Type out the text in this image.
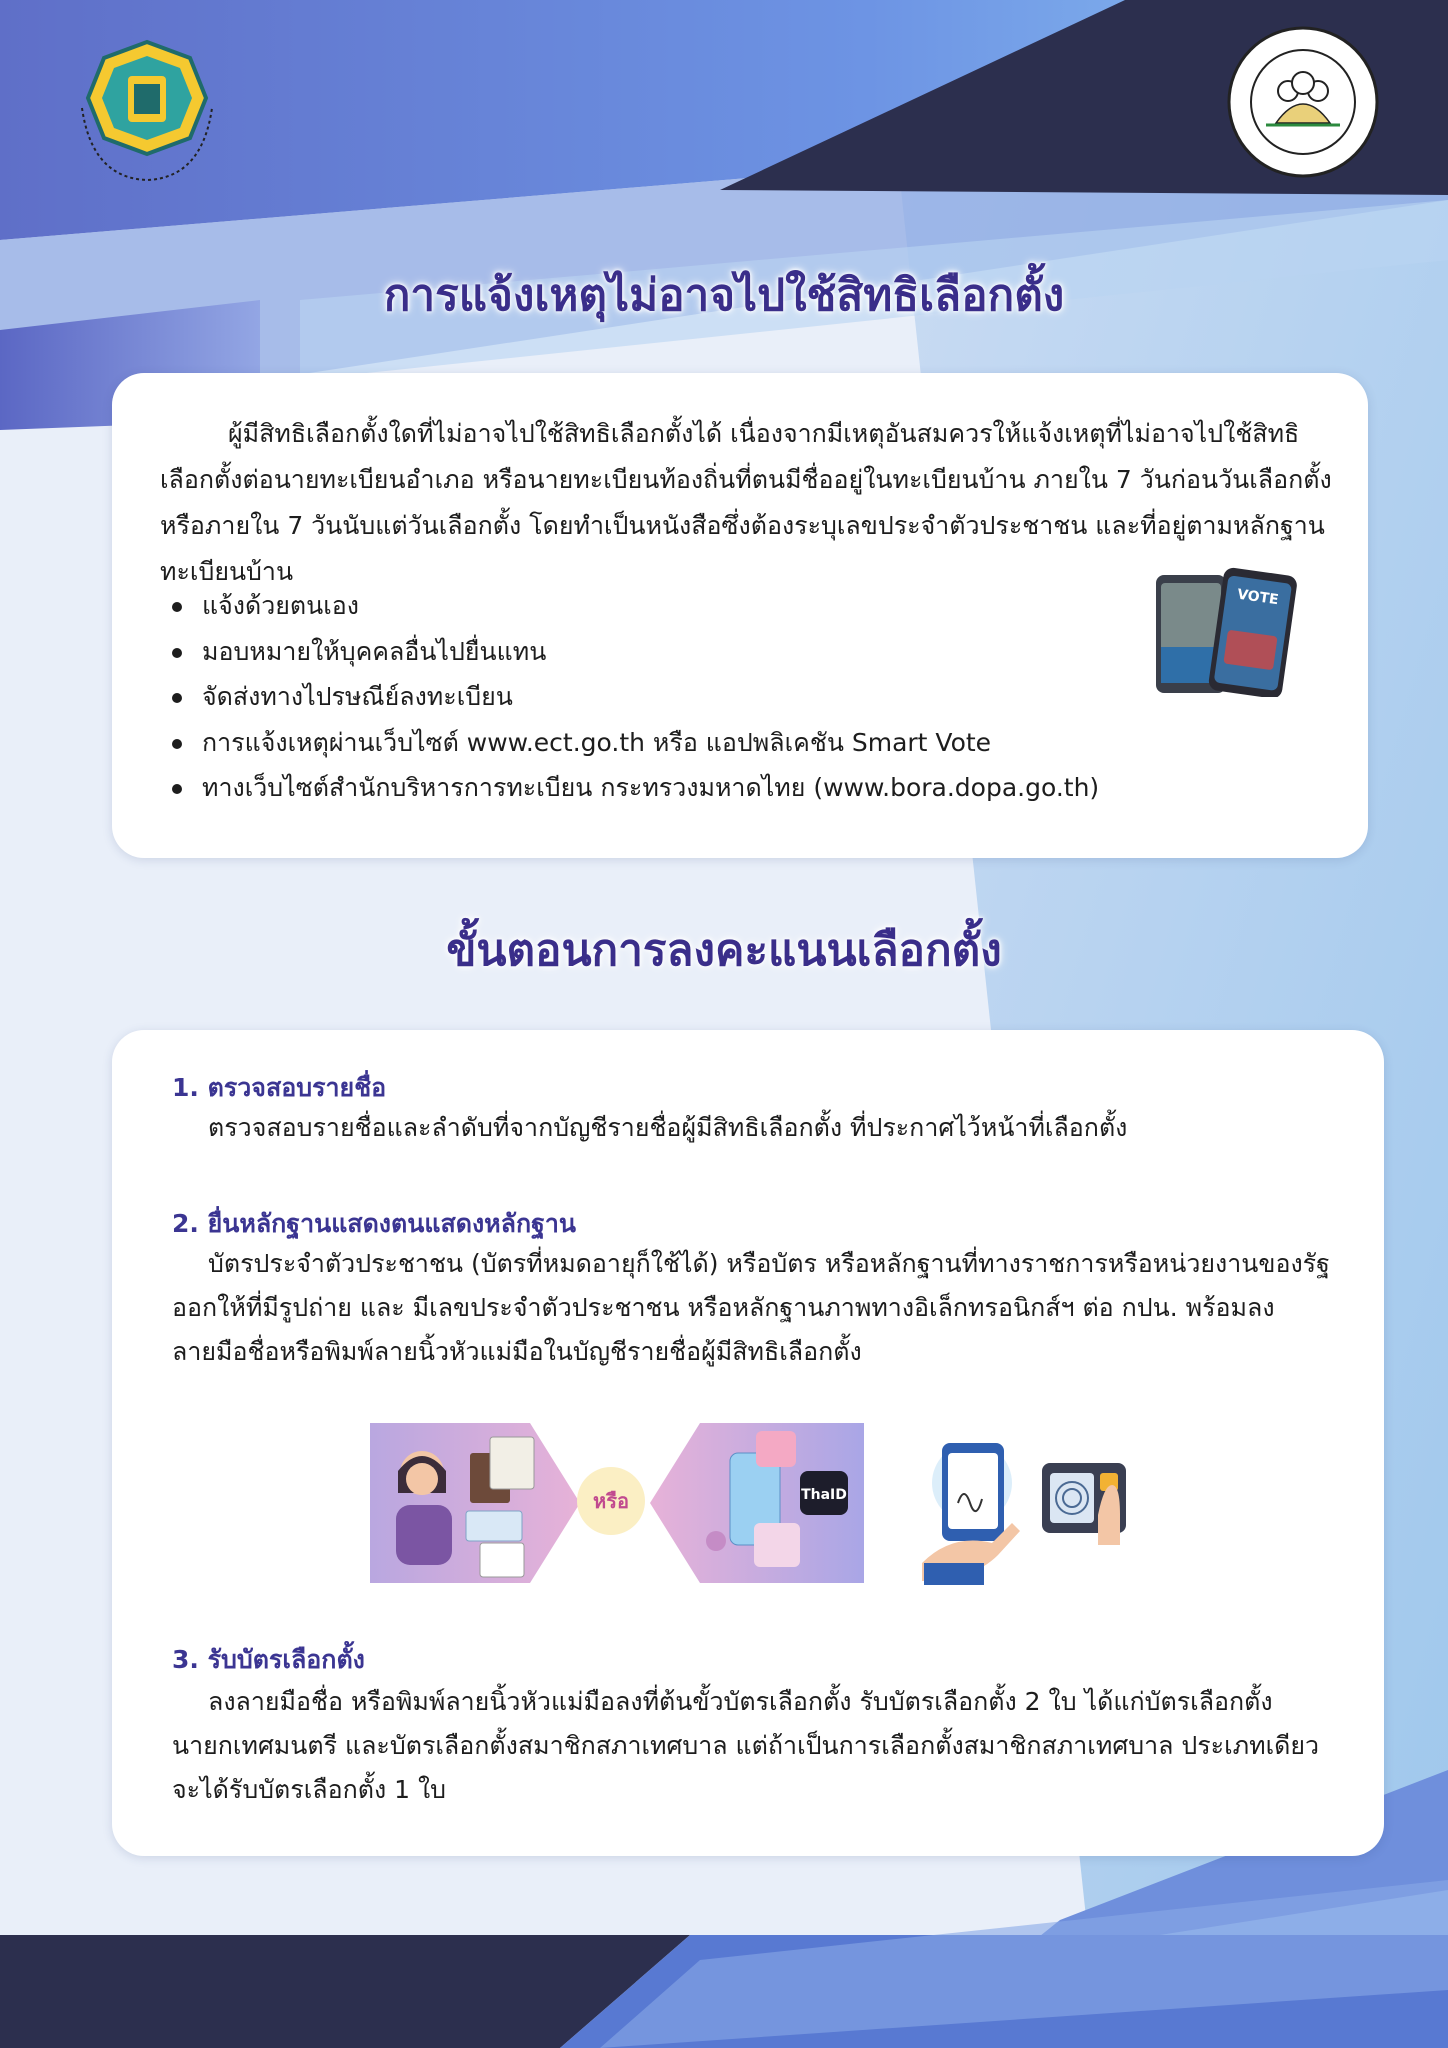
การแจ้งเหตุไม่อาจไปใช้สิทธิเลือกตั้ง
ผู้มีสิทธิเลือกตั้งใดที่ไม่อาจไปใช้สิทธิเลือกตั้งได้ เนื่องจากมีเหตุอันสมควรให้แจ้งเหตุที่ไม่อาจไปใช้สิทธิเลือกตั้งต่อนายทะเบียนอำเภอ หรือนายทะเบียนท้องถิ่นที่ตนมีชื่ออยู่ในทะเบียนบ้าน ภายใน 7 วันก่อนวันเลือกตั้ง หรือภายใน 7 วันนับแต่วันเลือกตั้ง โดยทำเป็นหนังสือซึ่งต้องระบุเลขประจำตัวประชาชน และที่อยู่ตามหลักฐานทะเบียนบ้าน
แจ้งด้วยตนเอง
มอบหมายให้บุคคลอื่นไปยื่นแทน
จัดส่งทางไปรษณีย์ลงทะเบียน
การแจ้งเหตุผ่านเว็บไซต์ www.ect.go.th หรือ แอปพลิเคชัน Smart Vote
ทางเว็บไซต์สำนักบริหารการทะเบียน กระทรวงมหาดไทย (www.bora.dopa.go.th)
VOTE
ขั้นตอนการลงคะแนนเลือกตั้ง
1. ตรวจสอบรายชื่อ
ตรวจสอบรายชื่อและลำดับที่จากบัญชีรายชื่อผู้มีสิทธิเลือกตั้ง ที่ประกาศไว้หน้าที่เลือกตั้ง
2. ยื่นหลักฐานแสดงตนแสดงหลักฐาน
บัตรประจำตัวประชาชน (บัตรที่หมดอายุก็ใช้ได้) หรือบัตร หรือหลักฐานที่ทางราชการหรือหน่วยงานของรัฐออกให้ที่มีรูปถ่าย และ มีเลขประจำตัวประชาชน หรือหลักฐานภาพทางอิเล็กทรอนิกส์ฯ ต่อ กปน. พร้อมลงลายมือชื่อหรือพิมพ์ลายนิ้วหัวแม่มือในบัญชีรายชื่อผู้มีสิทธิเลือกตั้ง
หรือ	ThaID
3. รับบัตรเลือกตั้ง
ลงลายมือชื่อ หรือพิมพ์ลายนิ้วหัวแม่มือลงที่ต้นขั้วบัตรเลือกตั้ง รับบัตรเลือกตั้ง 2 ใบ ได้แก่บัตรเลือกตั้งนายกเทศมนตรี และบัตรเลือกตั้งสมาชิกสภาเทศบาล แต่ถ้าเป็นการเลือกตั้งสมาชิกสภาเทศบาล ประเภทเดียวจะได้รับบัตรเลือกตั้ง 1 ใบ
